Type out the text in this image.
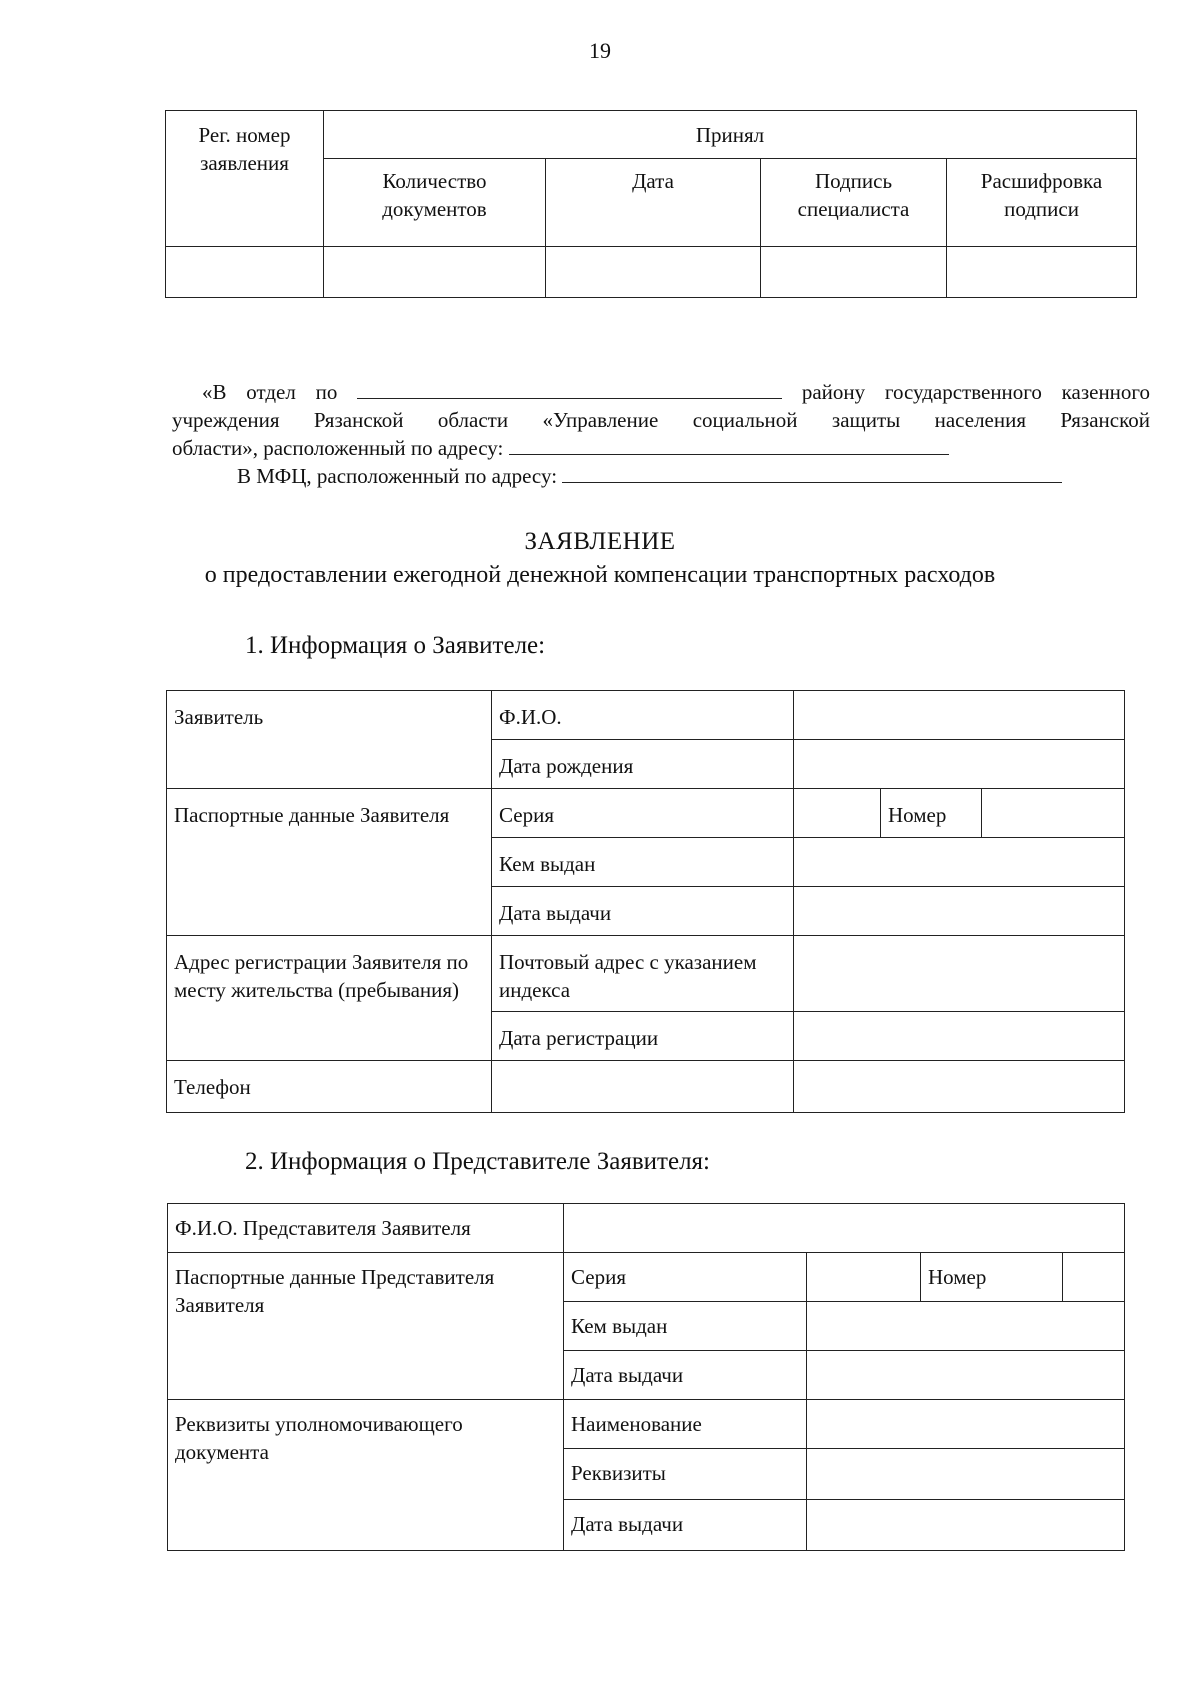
19
Рег. номер заявления	Принял			
	Количество документов	Дата	Подпись специалиста	Расшифровка подписи

«В отдел по	району государственного казенного

учреждения Рязанской области «Управление социальной защиты населения Рязанской

области», расположенный по адресу:

В МФЦ, расположенный по адресу:

ЗАЯВЛЕНИЕ
о предоставлении ежегодной денежной компенсации транспортных расходов
1. Информация о Заявителе:
Заявитель	Ф.И.О.			
	Дата рождения			
Паспортные данные Заявителя	Серия		Номер	
	Кем выдан			
	Дата выдачи			
Адрес регистрации Заявителя по месту жительства (пребывания)	Почтовый адрес с указанием индекса			
	Дата регистрации			
Телефон				
2. Информация о Представителе Заявителя:
Ф.И.О. Представителя Заявителя				
Паспортные данные Представителя Заявителя	Серия		Номер	
	Кем выдан			
	Дата выдачи			
Реквизиты уполномочивающего документа	Наименование			
	Реквизиты			
	Дата выдачи			
